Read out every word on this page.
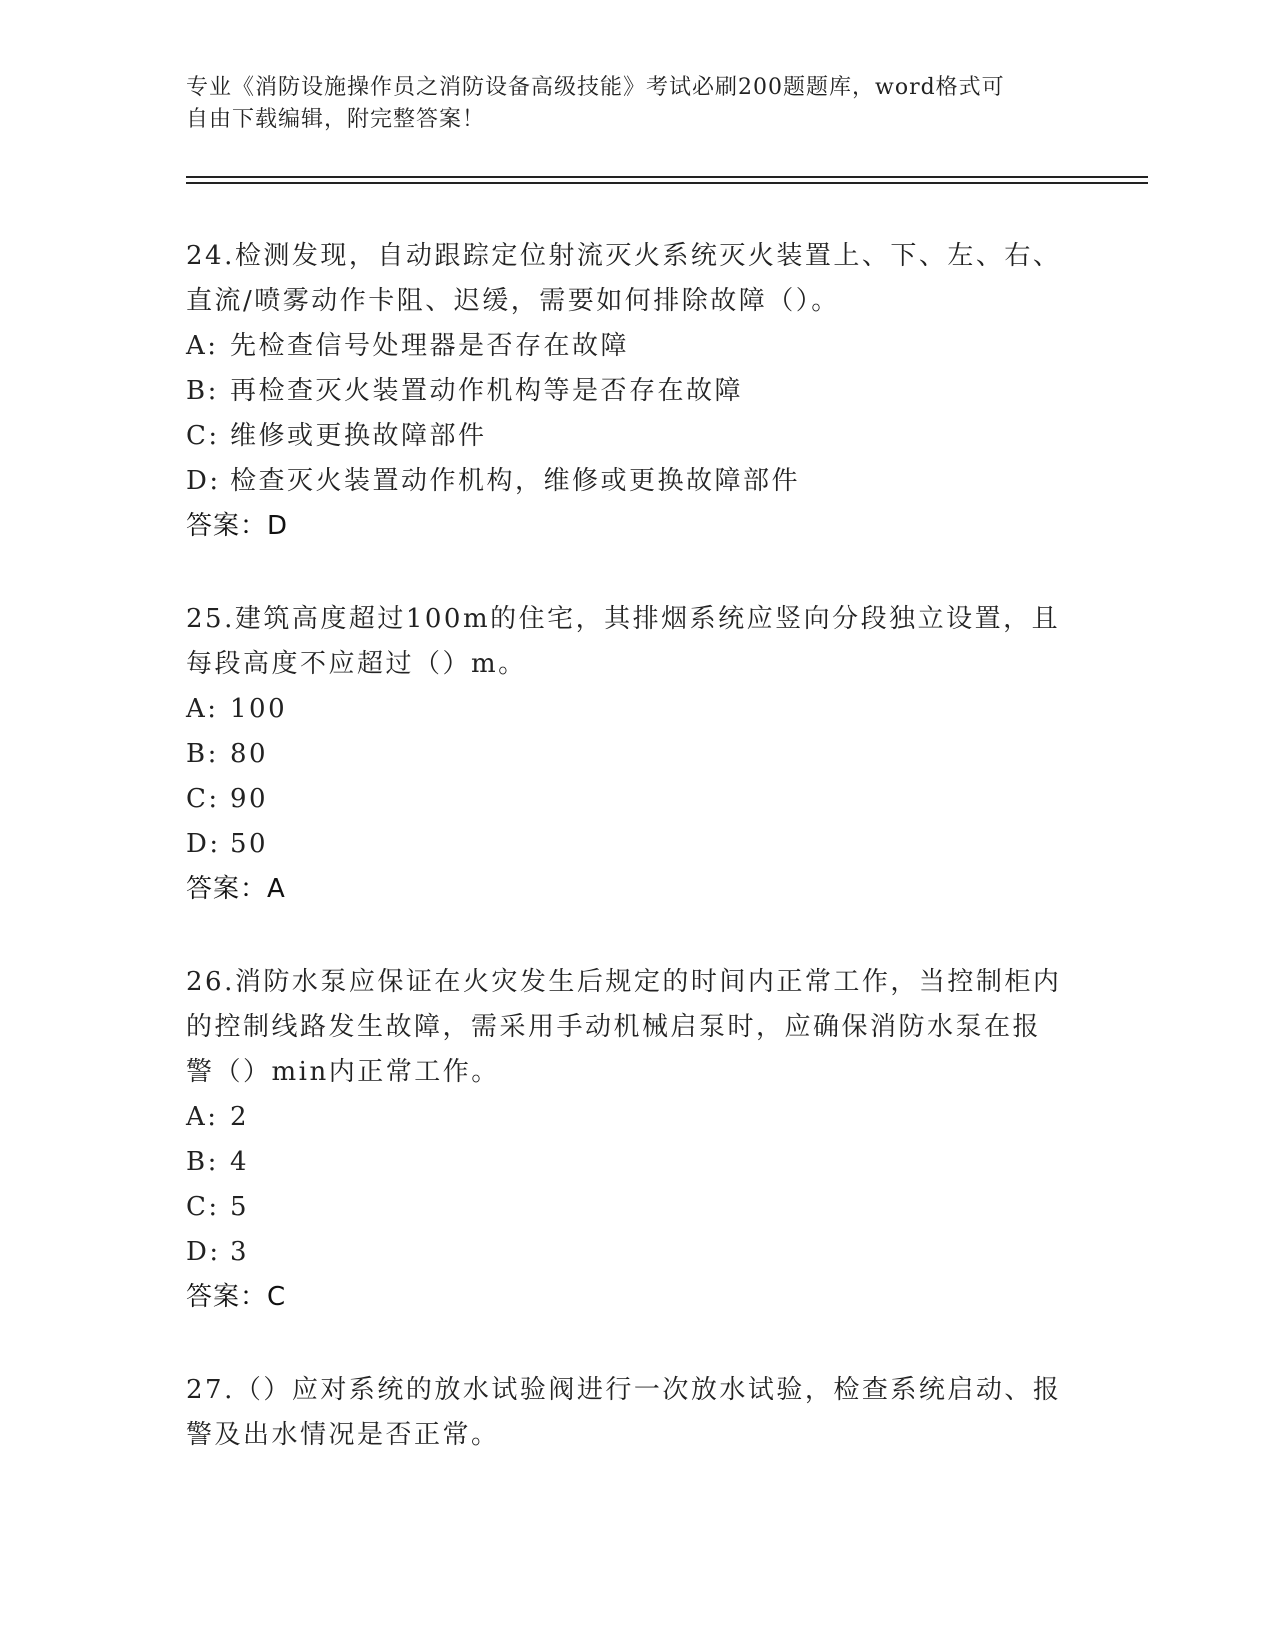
专业《消防设施操作员之消防设备高级技能》考试必刷200题题库，word格式可
自由下载编辑，附完整答案！

24.检测发现，自动跟踪定位射流灭火系统灭火装置上、下、左、右、

直流/喷雾动作卡阻、迟缓，需要如何排除故障（）。

A: 先检查信号处理器是否存在故障

B: 再检查灭火装置动作机构等是否存在故障

C: 维修或更换故障部件

D: 检查灭火装置动作机构，维修或更换故障部件

答案：D

25.建筑高度超过100m的住宅，其排烟系统应竖向分段独立设置，且

每段高度不应超过（）m。

A: 100

B: 80

C: 90

D: 50

答案：A

26.消防水泵应保证在火灾发生后规定的时间内正常工作，当控制柜内

的控制线路发生故障，需采用手动机械启泵时，应确保消防水泵在报

警（）min内正常工作。

A: 2

B: 4

C: 5

D: 3

答案：C

27.（）应对系统的放水试验阀进行一次放水试验，检查系统启动、报

警及出水情况是否正常。
